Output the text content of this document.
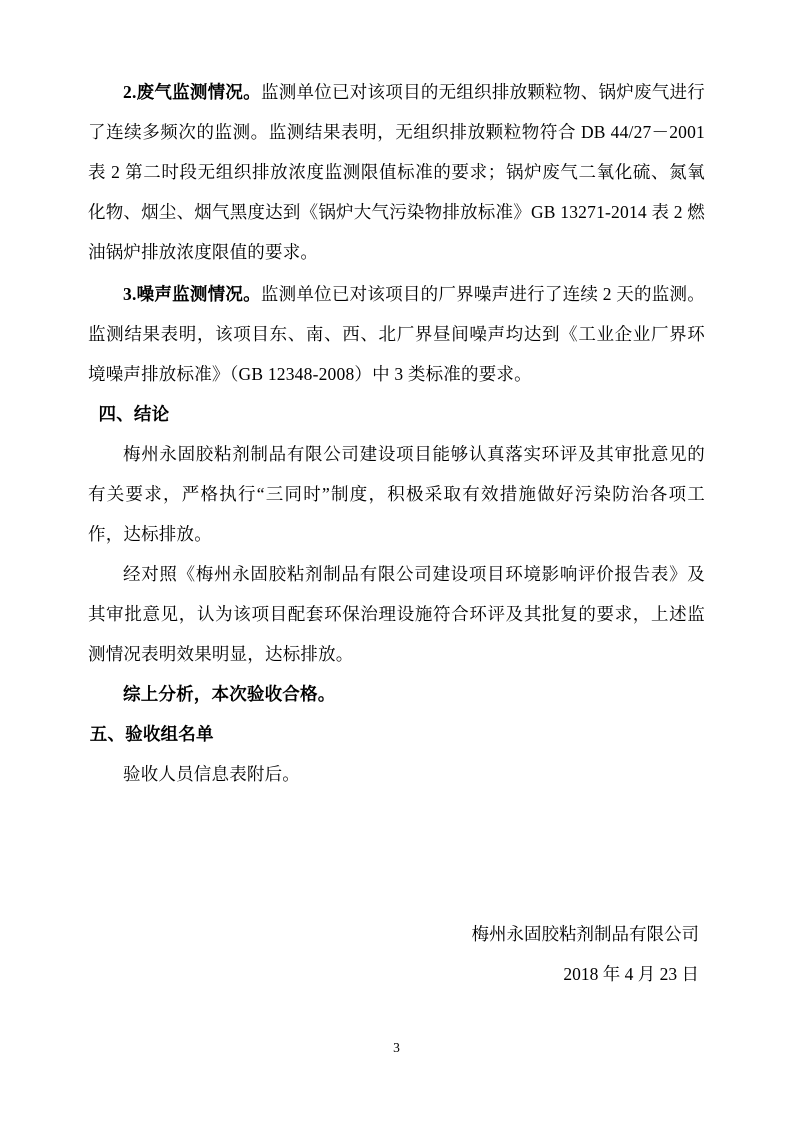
2.废气监测情况。监测单位已对该项目的无组织排放颗粒物、锅炉废气进行了连续多频次的监测。监测结果表明，无组织排放颗粒物符合 DB 44/27－2001 表 2 第二时段无组织排放浓度监测限值标准的要求；锅炉废气二氧化硫、氮氧化物、烟尘、烟气黑度达到《锅炉大气污染物排放标准》GB 13271-2014 表 2 燃油锅炉排放浓度限值的要求。

3.噪声监测情况。监测单位已对该项目的厂界噪声进行了连续 2 天的监测。监测结果表明，该项目东、南、西、北厂界昼间噪声均达到《工业企业厂界环境噪声排放标准》（GB 12348-2008）中 3 类标准的要求。

四、结论

梅州永固胶粘剂制品有限公司建设项目能够认真落实环评及其审批意见的有关要求，严格执行“三同时”制度，积极采取有效措施做好污染防治各项工作，达标排放。

经对照《梅州永固胶粘剂制品有限公司建设项目环境影响评价报告表》及其审批意见，认为该项目配套环保治理设施符合环评及其批复的要求，上述监测情况表明效果明显，达标排放。

综上分析，本次验收合格。

五、验收组名单

验收人员信息表附后。

梅州永固胶粘剂制品有限公司
2018 年 4 月 23 日
3
